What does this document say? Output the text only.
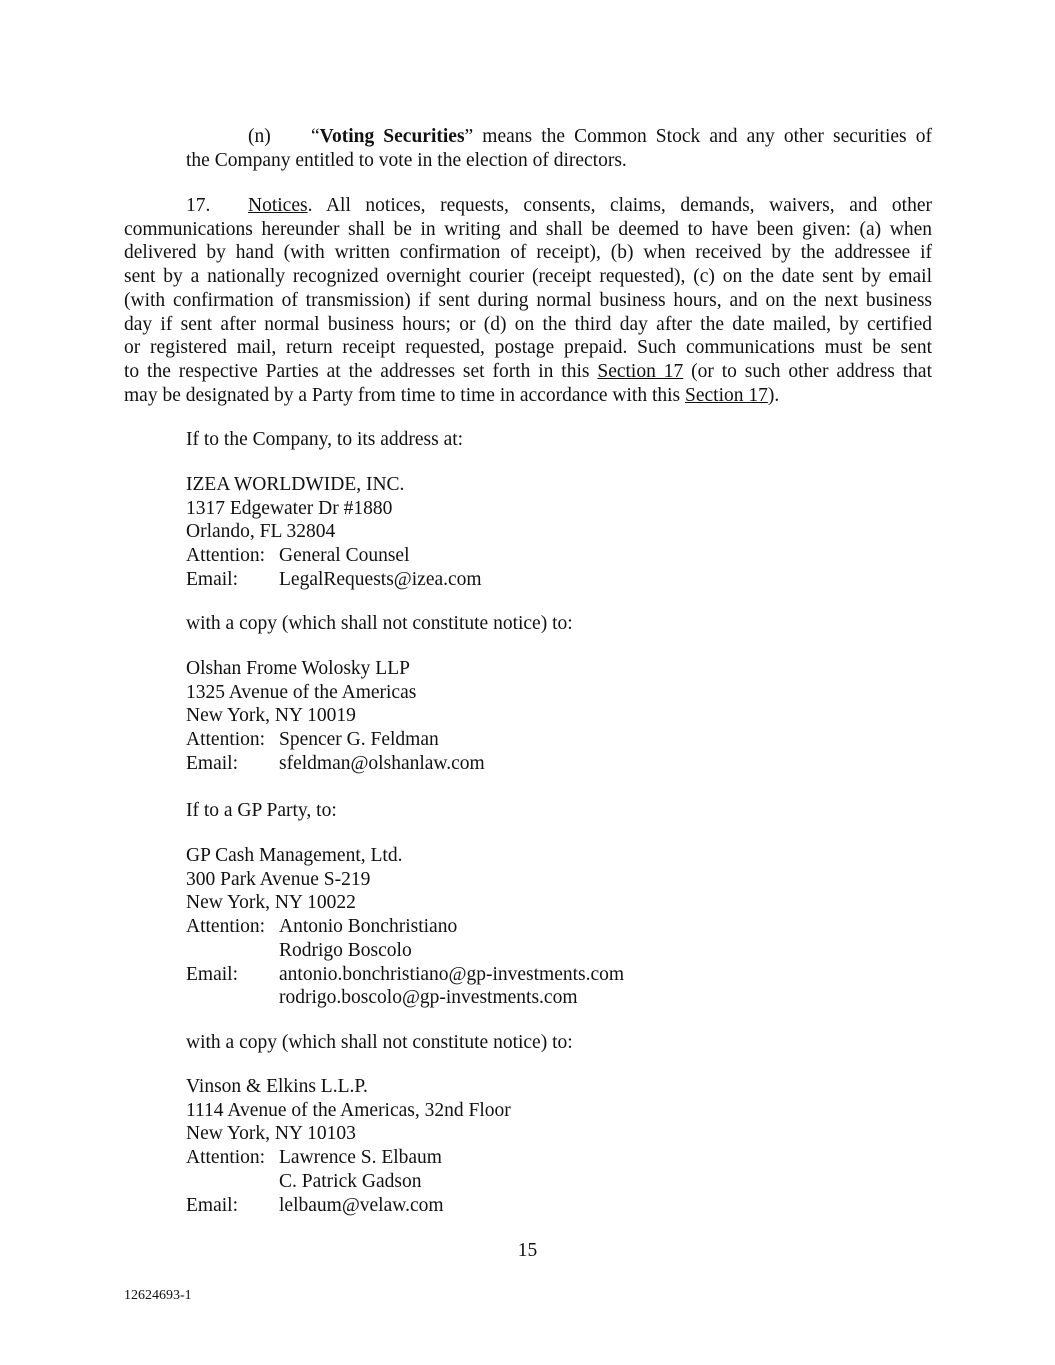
(n) “Voting Securities” means the Common Stock and any other securities of
the Company entitled to vote in the election of directors.
17. Notices. All notices, requests, consents, claims, demands, waivers, and other
communications hereunder shall be in writing and shall be deemed to have been given: (a) when
delivered by hand (with written confirmation of receipt), (b) when received by the addressee if
sent by a nationally recognized overnight courier (receipt requested), (c) on the date sent by email
(with confirmation of transmission) if sent during normal business hours, and on the next business
day if sent after normal business hours; or (d) on the third day after the date mailed, by certified
or registered mail, return receipt requested, postage prepaid. Such communications must be sent
to the respective Parties at the addresses set forth in this Section 17 (or to such other address that
may be designated by a Party from time to time in accordance with this Section 17).
If to the Company, to its address at:
IZEA WORLDWIDE, INC.
1317 Edgewater Dr #1880
Orlando, FL 32804
Attention: General Counsel
Email: LegalRequests@izea.com
with a copy (which shall not constitute notice) to:
Olshan Frome Wolosky LLP
1325 Avenue of the Americas
New York, NY 10019
Attention: Spencer G. Feldman
Email: sfeldman@olshanlaw.com
If to a GP Party, to:
GP Cash Management, Ltd.
300 Park Avenue S-219
New York, NY 10022
Attention: Antonio Bonchristiano
Rodrigo Boscolo
Email: antonio.bonchristiano@gp-investments.com
rodrigo.boscolo@gp-investments.com
with a copy (which shall not constitute notice) to:
Vinson & Elkins L.L.P.
1114 Avenue of the Americas, 32nd Floor
New York, NY 10103
Attention: Lawrence S. Elbaum
C. Patrick Gadson
Email: lelbaum@velaw.com
15
12624693-1
